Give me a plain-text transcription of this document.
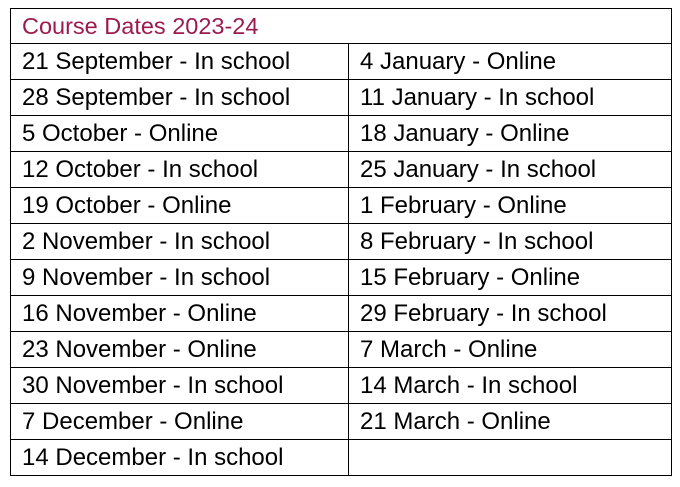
Course Dates 2023-24	
21 September - In school	4 January - Online
28 September - In school	11 January - In school
5 October - Online	18 January - Online
12 October - In school	25 January - In school
19 October - Online	1 February - Online
2 November - In school	8 February - In school
9 November - In school	15 February - Online
16 November - Online	29 February - In school
23 November - Online	7 March - Online
30 November - In school	14 March - In school
7 December - Online	21 March - Online
14 December - In school	
